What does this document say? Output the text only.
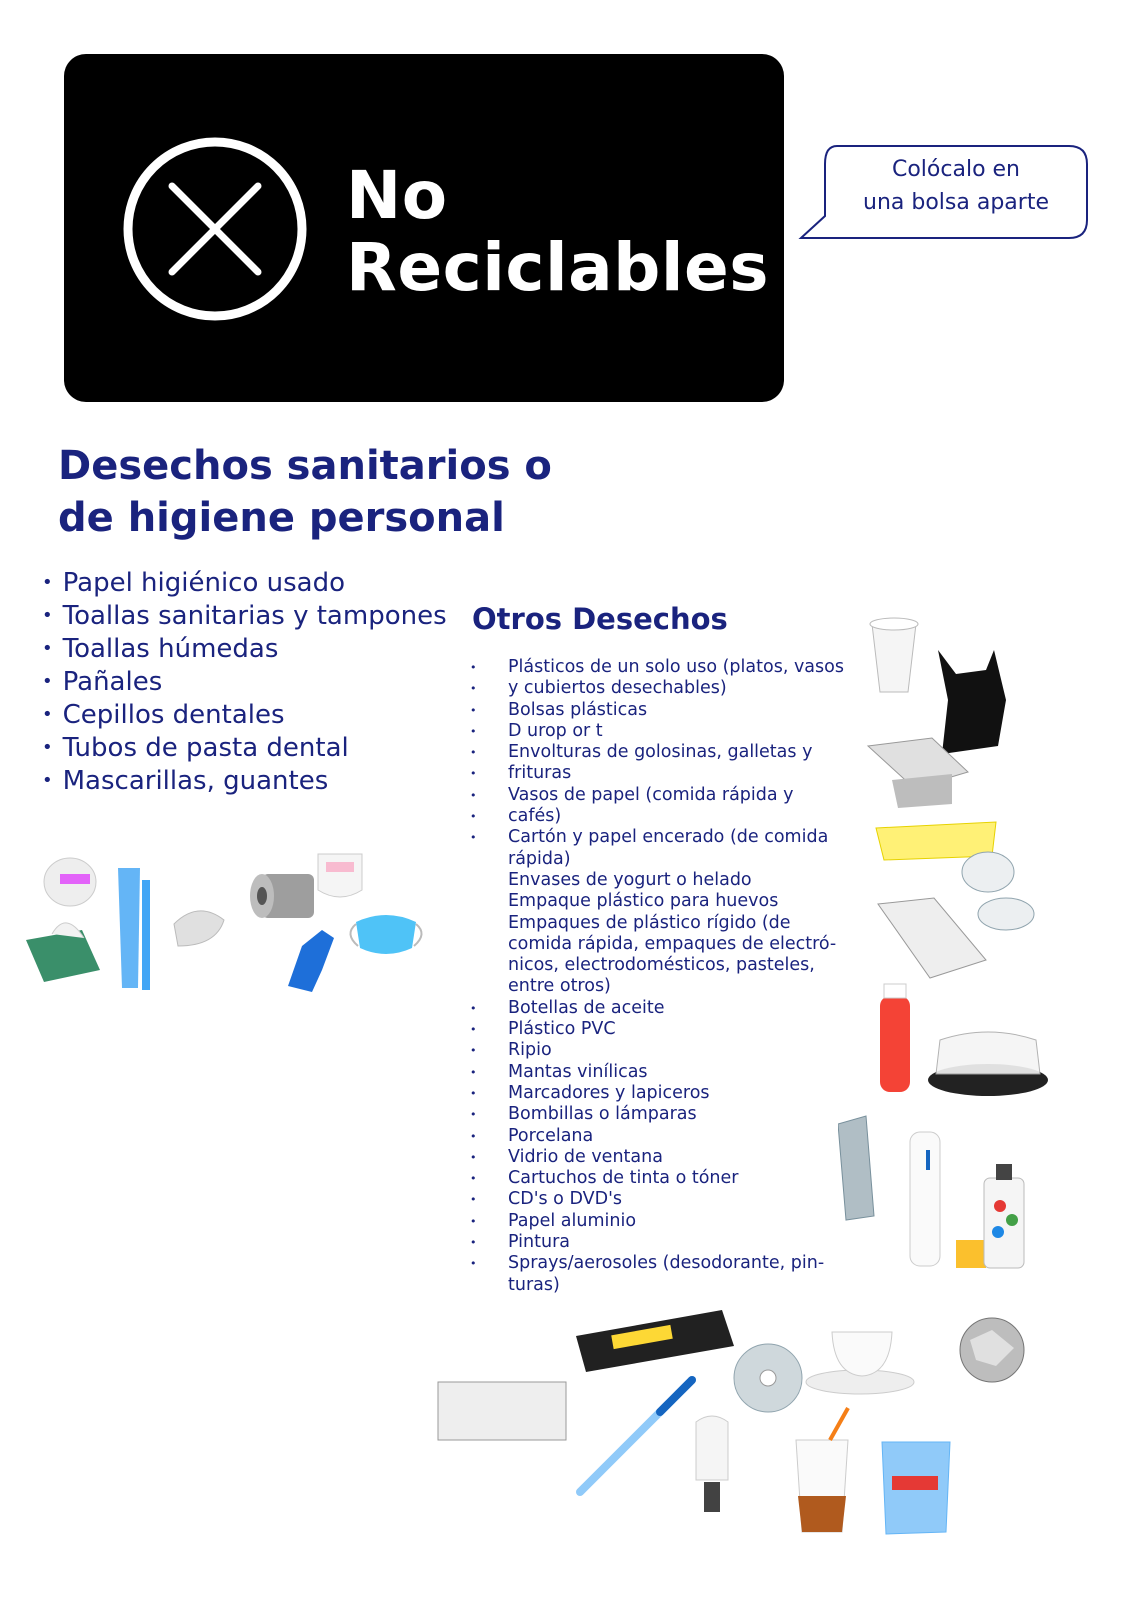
No
Reciclables
Colócalo en
una bolsa aparte
Desechos sanitarios o
de higiene personal
• Papel higiénico usado
• Toallas sanitarias y tampones
• Toallas húmedas
• Pañales
• Cepillos dentales
• Tubos de pasta dental
• Mascarillas, guantes
Otros Desechos
• Plásticos de un solo uso (platos, vasos
• y cubiertos desechables)
• Bolsas plásticas
• D urop or t
• Envolturas de golosinas, galletas y
• frituras
• Vasos de papel (comida rápida y
• cafés)
• Cartón y papel encerado (de comida
rápida)
Envases de yogurt o helado
Empaque plástico para huevos
Empaques de plástico rígido (de
comida rápida, empaques de electró-
nicos, electrodomésticos, pasteles,
entre otros)
• Botellas de aceite
• Plástico PVC
• Ripio
• Mantas vinílicas
• Marcadores y lapiceros
• Bombillas o lámparas
• Porcelana
• Vidrio de ventana
• Cartuchos de tinta o tóner
• CD's o DVD's
• Papel aluminio
• Pintura
• Sprays/aerosoles (desodorante, pin-
turas)
